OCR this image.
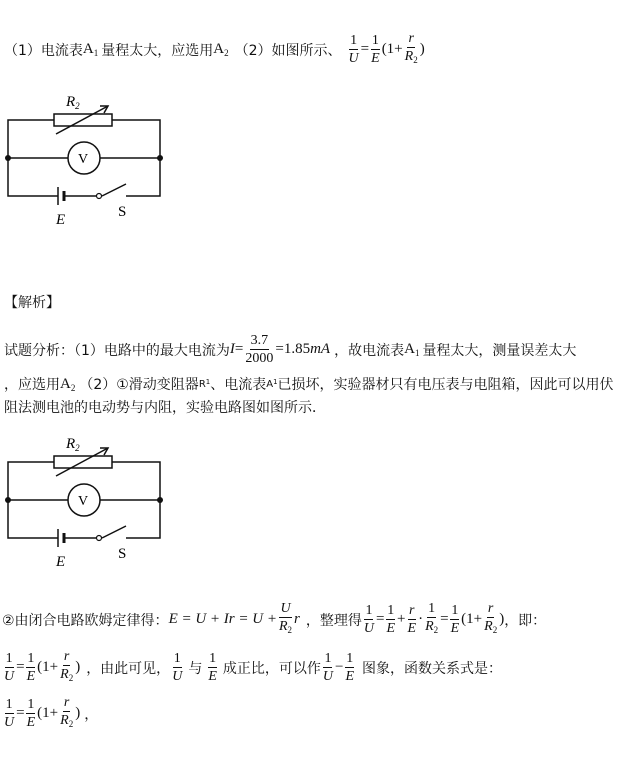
（1） 电流表 $A_1$ 量程太大，应选用 $A_2$ （2） 如图所示、 $\frac{1}{U} = \frac{1}{E} (1+ \frac{r}{R_2}$ )
$R_2$
V
E	S
【解析】
试题分析：（1）电路中的最大电流为 $I = \frac{3.7}{2000} =1.85$ mA ，故电流表 $A_1$ 量程太大，测量误差太大
，应选用 $A_2$ （2）①滑动变阻器 $R^1$ 、电流表 $A^1$ 已损坏，实验器材只有电压表与电阻箱，因此可以用伏
阻法测电池的电动势与内阻，实验电路图如图所示．
$R_2$
V
E	S
②由闭合电路欧姆定律得： $E = U + Ir = U + \frac{U}{R_2}$ r ，整理得 $\frac{1}{U} = \frac{1}{E} + \frac{r}{E} \cdot \frac{1}{R_2} = \frac{1}{E} (1+ \frac{r}{R_2}$ ) ，即：
$\frac{1}{U} = \frac{1}{E} (1+ \frac{r}{R_2}$ ) ，由此可见， $\frac{1}{U}$ 与 $\frac{1}{E}$ 成正比，可以作 $\frac{1}{U} - \frac{1}{E}$ 图象，函数关系式是：
$\frac{1}{U} = \frac{1}{E} (1+ \frac{r}{R_2}$ ) ，
